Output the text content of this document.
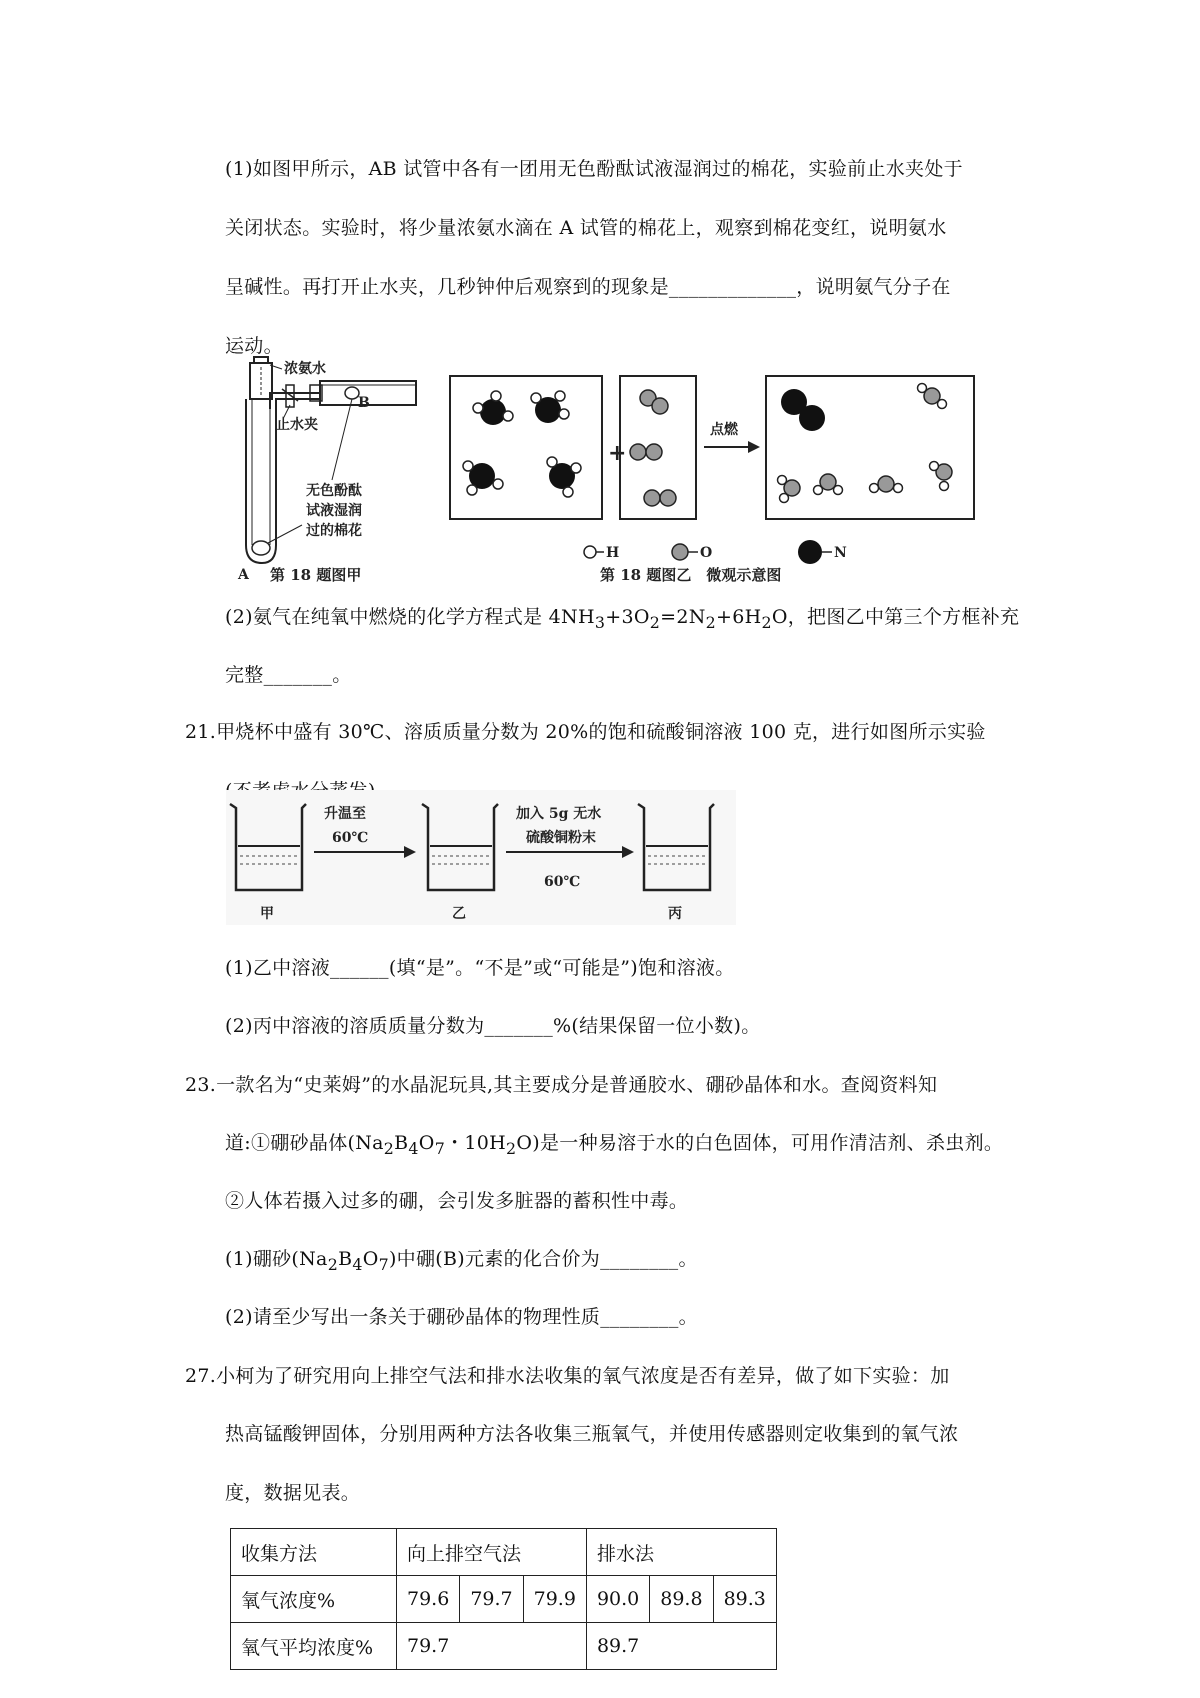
(1)如图甲所示，AB 试管中各有一团用无色酚酞试液湿润过的棉花，实验前止水夹处于
关闭状态。实验时，将少量浓氨水滴在 A 试管的棉花上，观察到棉花变红，说明氨水
呈碱性。再打开止水夹，几秒钟仲后观察到的现象是_____________，说明氨气分子在
运动。
浓氨水
止水夹
B
无色酚酞
试液湿润
过的棉花
A 第 18 题图甲
+
点燃
H	O	N
第 18 题图乙　微观示意图
(2)氨气在纯氧中燃烧的化学方程式是 $4NH_3+3O_2=2N_2+6H_2O$，把图乙中第三个方框补充
完整_______。
21.甲烧杯中盛有 30℃、溶质质量分数为 20%的饱和硫酸铜溶液 100 克，进行如图所示实验
升温至
60℃
加入 5g 无水
硫酸铜粉末
60℃
甲	乙	丙
(1)乙中溶液______(填“是”。“不是”或“可能是”)饱和溶液。
(2)丙中溶液的溶质质量分数为_______%(结果保留一位小数)。
23.一款名为“史莱姆”的水晶泥玩具,其主要成分是普通胶水、硼砂晶体和水。查阅资料知
道:①硼砂晶体($Na_2B_4O_7$・$10H_2O$)是一种易溶于水的白色固体，可用作清洁剂、杀虫剂。
②人体若摄入过多的硼，会引发多脏器的蓄积性中毒。
(1)硼砂$(Na_2B_4O_7)$中硼(B)元素的化合价为________。
(2)请至少写出一条关于硼砂晶体的物理性质________。
27.小柯为了研究用向上排空气法和排水法收集的氧气浓度是否有差异，做了如下实验：加
热高锰酸钾固体，分别用两种方法各收集三瓶氧气，并使用传感器则定收集到的氧气浓
度，数据见表。
收集方法	向上排空气法			排水法		
氧气浓度%	79.6	79.7	79.9	90.0	89.8	89.3
氧气平均浓度%	79.7			89.7		
